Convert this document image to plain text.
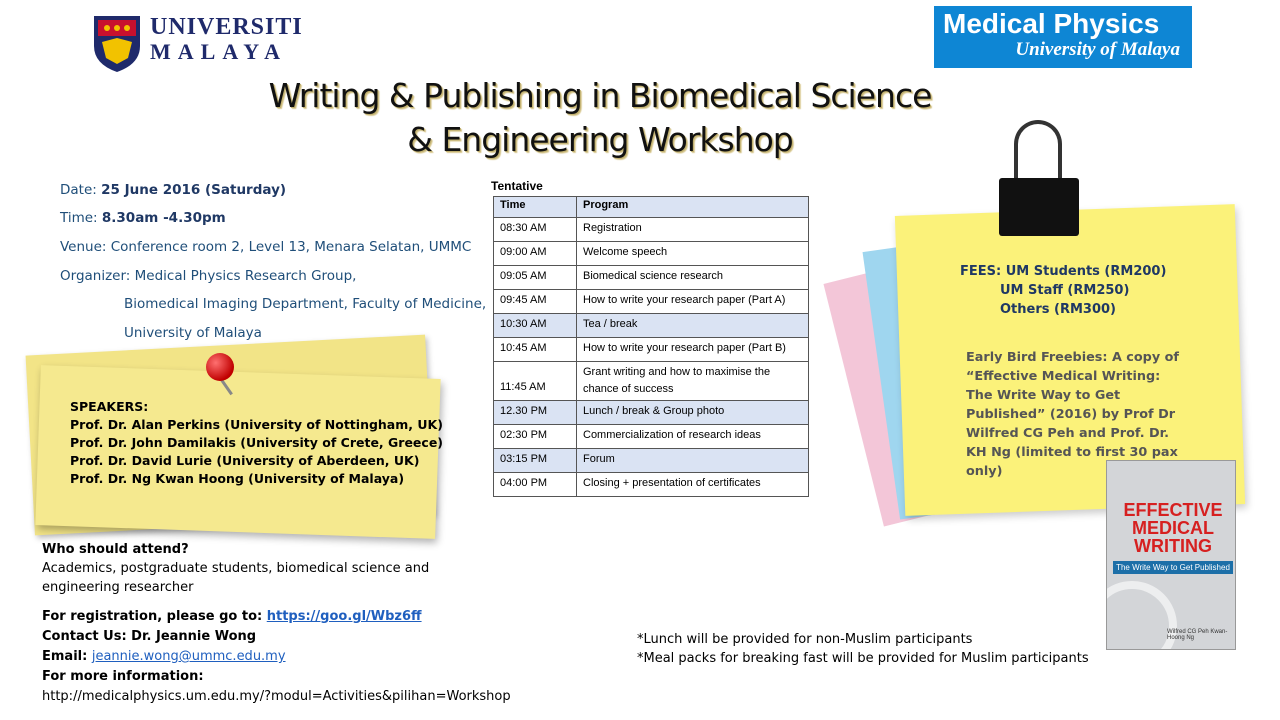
UNIVERSITI
MALAYA
Medical Physics
University of Malaya
Writing & Publishing in Biomedical Science
& Engineering Workshop
Date: 25 June 2016 (Saturday)
Time: 8.30am -4.30pm
Venue: Conference room 2, Level 13, Menara Selatan, UMMC
Organizer: Medical Physics Research Group,
Biomedical Imaging Department, Faculty of Medicine,
University of Malaya
SPEAKERS:
Prof. Dr. Alan Perkins (University of Nottingham, UK)
Prof. Dr. John Damilakis (University of Crete, Greece)
Prof. Dr. David Lurie (University of Aberdeen, UK)
Prof. Dr. Ng Kwan Hoong (University of Malaya)
Who should attend?
Academics, postgraduate students, biomedical science and
engineering researcher
For registration, please go to: https://goo.gl/Wbz6ff
Contact Us: Dr. Jeannie Wong
Email: jeannie.wong@ummc.edu.my
For more information:
http://medicalphysics.um.edu.my/?modul=Activities&pilihan=Workshop
Tentative
Time	Program
08:30 AM	Registration
09:00 AM	Welcome speech
09:05 AM	Biomedical science research
09:45 AM	How to write your research paper (Part A)
10:30 AM	Tea / break
10:45 AM	How to write your research paper (Part B)
11:45 AM	Grant writing and how to maximise the chance of success
12.30 PM	Lunch / break & Group photo
02:30 PM	Commercialization of research ideas
03:15 PM	Forum
04:00 PM	Closing + presentation of certificates
FEES: UM Students (RM200)
UM Staff (RM250)
Others (RM300)
Early Bird Freebies: A copy of “Effective Medical Writing: The Write Way to Get Published” (2016) by Prof Dr Wilfred CG Peh and Prof. Dr. KH Ng (limited to first 30 pax only)
EFFECTIVE MEDICAL WRITING
The Write Way to Get Published
Wilfred CG Peh Kwan-Hoong Ng
*Lunch will be provided for non-Muslim participants
*Meal packs for breaking fast will be provided for Muslim participants
